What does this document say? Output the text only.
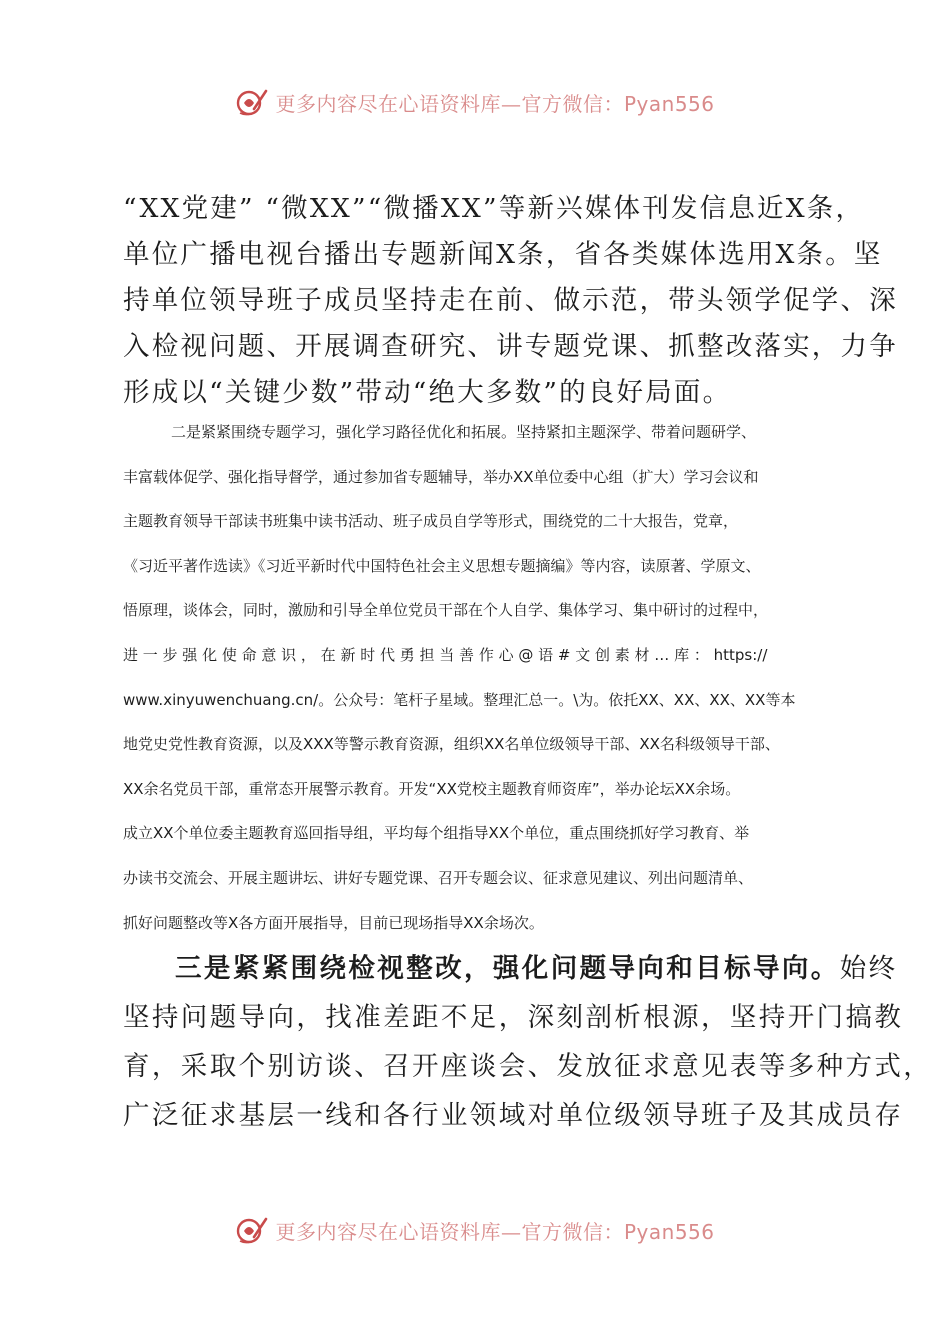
更多内容尽在心语资料库—官方微信：Pyan556
“XX党建” “微XX”“微播XX”等新兴媒体刊发信息近X条，
单位广播电视台播出专题新闻X条，省各类媒体选用X条。坚
持单位领导班子成员坚持走在前、做示范，带头领学促学、深
入检视问题、开展调查研究、讲专题党课、抓整改落实，力争
形成以“关键少数”带动“绝大多数”的良好局面。
二是紧紧围绕专题学习，强化学习路径优化和拓展。坚持紧扣主题深学、带着问题研学、
丰富载体促学、强化指导督学，通过参加省专题辅导，举办XX单位委中心组（扩大）学习会议和
主题教育领导干部读书班集中读书活动、班子成员自学等形式，围绕党的二十大报告，党章，
《习近平著作选读》《习近平新时代中国特色社会主义思想专题摘编》等内容，读原著、学原文、
悟原理，谈体会，同时，激励和引导全单位党员干部在个人自学、集体学习、集中研讨的过程中，
进 一 步 强 化 使 命 意 识 ， 在 新 时 代 勇 担 当 善 作 心 @ 语 # 文 创 素 材 … 库 ： https://
www.xinyuwenchuang.cn/。公众号：笔杆子星域。整理汇总一。\为。依托XX、XX、XX、XX等本
地党史党性教育资源，以及XXX等警示教育资源，组织XX名单位级领导干部、XX名科级领导干部、
XX余名党员干部，重常态开展警示教育。开发“XX党校主题教育师资库”，举办论坛XX余场。
成立XX个单位委主题教育巡回指导组，平均每个组指导XX个单位，重点围绕抓好学习教育、举
办读书交流会、开展主题讲坛、讲好专题党课、召开专题会议、征求意见建议、列出问题清单、
抓好问题整改等X各方面开展指导，目前已现场指导XX余场次。
三是紧紧围绕检视整改，强化问题导向和目标导向。始终
坚持问题导向，找准差距不足，深刻剖析根源，坚持开门搞教
育，采取个别访谈、召开座谈会、发放征求意见表等多种方式，
广泛征求基层一线和各行业领域对单位级领导班子及其成员存
更多内容尽在心语资料库—官方微信：Pyan556
